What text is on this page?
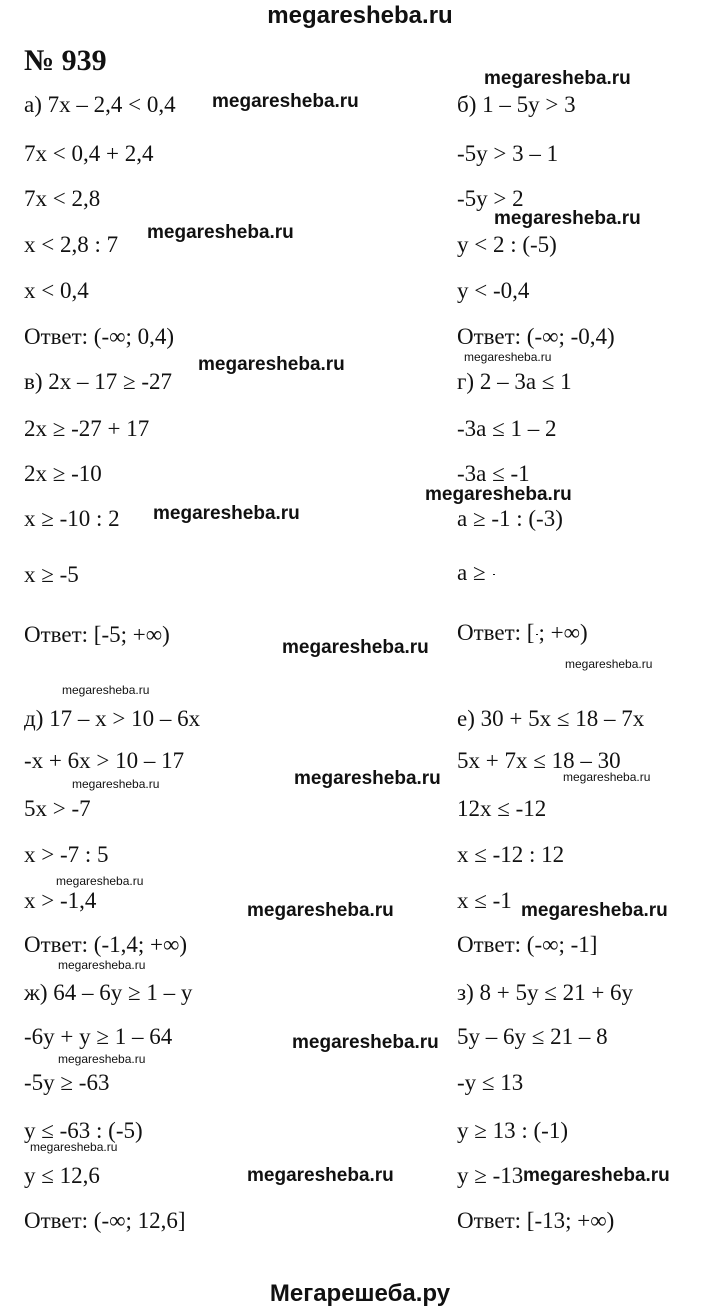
megaresheba.ru
№ 939
а) 7x – 2,4 < 0,4
7x < 0,4 + 2,4
7x < 2,8
x < 2,8 : 7
x < 0,4
Ответ: (-∞; 0,4)
б) 1 – 5y > 3
-5y > 3 – 1
-5y > 2
y < 2 : (-5)
y < -0,4
Ответ: (-∞; -0,4)
в) 2x – 17 ≥ -27
2x ≥ -27 + 17
2x ≥ -10
x ≥ -10 : 2
x ≥ -5
Ответ: [-5; +∞)
г) 2 – 3a ≤ 1
-3a ≤ 1 – 2
-3a ≤ -1
a ≥ -1 : (-3)
a ≥
Ответ: [ ; +∞)
д) 17 – x > 10 – 6x
-x + 6x > 10 – 17
5x > -7
x > -7 : 5
x > -1,4
Ответ: (-1,4; +∞)
е) 30 + 5x ≤ 18 – 7x
5x + 7x ≤ 18 – 30
12x ≤ -12
x ≤ -12 : 12
x ≤ -1
Ответ: (-∞; -1]
ж) 64 – 6y ≥ 1 – y
-6y + y ≥ 1 – 64
-5y ≥ -63
y ≤ -63 : (-5)
y ≤ 12,6
Ответ: (-∞; 12,6]
з) 8 + 5y ≤ 21 + 6y
5y – 6y ≤ 21 – 8
-y ≤ 13
y ≥ 13 : (-1)
y ≥ -13
Ответ: [-13; +∞)
megaresheba.ru
megaresheba.ru
megaresheba.ru
megaresheba.ru
megaresheba.ru
megaresheba.ru
megaresheba.ru
megaresheba.ru
megaresheba.ru
megaresheba.ru	megaresheba.ru
megaresheba.ru
megaresheba.ru	megaresheba.ru
megaresheba.ru
megaresheba.ru
megaresheba.ru
megaresheba.ru	megaresheba.ru
megaresheba.ru
megaresheba.ru
megaresheba.ru
megaresheba.ru
Мегарешеба.ру
